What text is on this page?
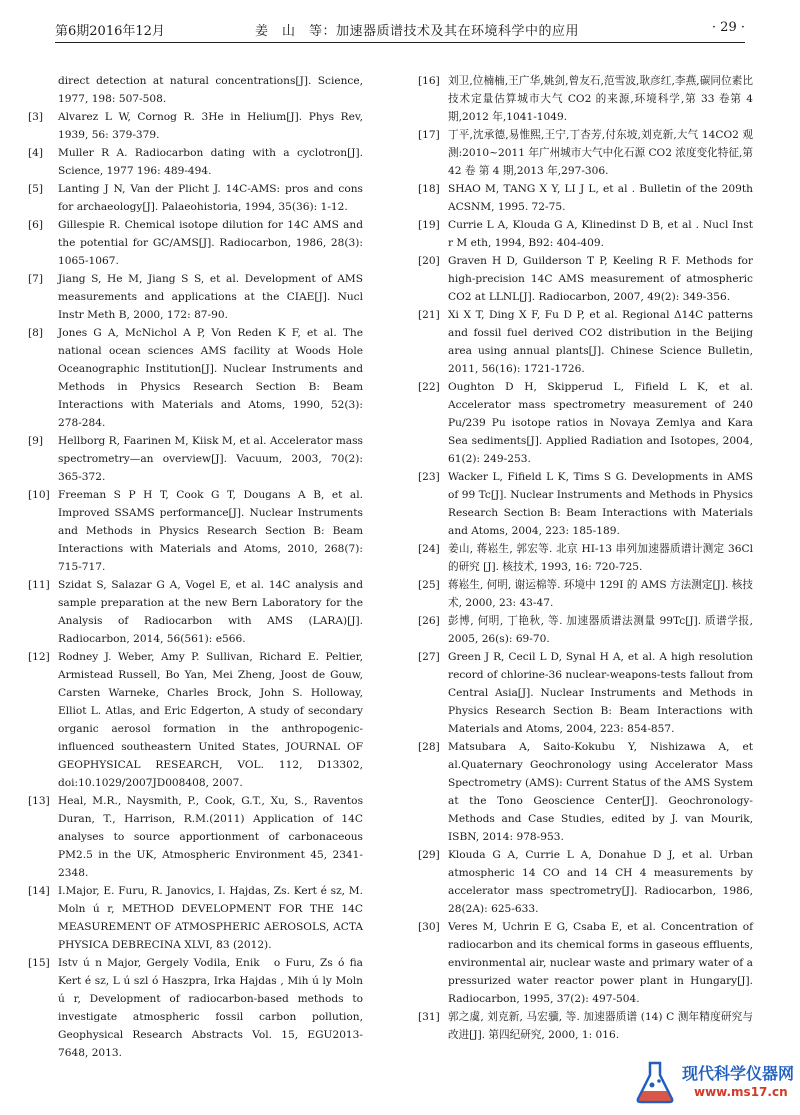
第6期2016年12月	姜　山　等：加速器质谱技术及其在环境科学中的应用	· 29 ·

direct detection at natural concentrations[J]. Science, 1977, 198: 507-508.

[3] Alvarez L W, Cornog R. 3He in Helium[J]. Phys Rev, 1939, 56: 379-379.

[4] Muller R A. Radiocarbon dating with a cyclotron[J]. Science, 1977 196: 489-494.

[5] Lanting J N, Van der Plicht J. 14C-AMS: pros and cons for archaeology[J]. Palaeohistoria, 1994, 35(36): 1-12.

[6] Gillespie R. Chemical isotope dilution for 14C AMS and the potential for GC/AMS[J]. Radiocarbon, 1986, 28(3): 1065-1067.

[7] Jiang S, He M, Jiang S S, et al. Development of AMS measurements and applications at the CIAE[J]. Nucl Instr Meth B, 2000, 172: 87-90.

[8] Jones G A, McNichol A P, Von Reden K F, et al. The national ocean sciences AMS facility at Woods Hole Oceanographic Institution[J]. Nuclear Instruments and Methods in Physics Research Section B: Beam Interactions with Materials and Atoms, 1990, 52(3): 278-284.

[9] Hellborg R, Faarinen M, Kiisk M, et al. Accelerator mass spectrometry—an overview[J]. Vacuum, 2003, 70(2): 365-372.

[10] Freeman S P H T, Cook G T, Dougans A B, et al. Improved SSAMS performance[J]. Nuclear Instruments and Methods in Physics Research Section B: Beam Interactions with Materials and Atoms, 2010, 268(7): 715-717.

[11] Szidat S, Salazar G A, Vogel E, et al. 14C analysis and sample preparation at the new Bern Laboratory for the Analysis of Radiocarbon with AMS (LARA)[J]. Radiocarbon, 2014, 56(561): e566.

[12] Rodney J. Weber, Amy P. Sullivan, Richard E. Peltier, Armistead Russell, Bo Yan, Mei Zheng, Joost de Gouw, Carsten Warneke, Charles Brock, John S. Holloway, Elliot L. Atlas, and Eric Edgerton, A study of secondary organic aerosol formation in the anthropogenic-influenced southeastern United States, JOURNAL OF GEOPHYSICAL RESEARCH, VOL. 112, D13302, doi:10.1029/2007JD008408, 2007.

[13] Heal, M.R., Naysmith, P., Cook, G.T., Xu, S., Raventos Duran, T., Harrison, R.M.(2011) Application of 14C analyses to source apportionment of carbonaceous PM2.5 in the UK, Atmospheric Environment 45, 2341-2348.

[14] I.Major, E. Furu, R. Janovics, I. Hajdas, Zs. Kert é sz, M. Moln ú r, METHOD DEVELOPMENT FOR THE 14C MEASUREMENT OF ATMOSPHERIC AEROSOLS, ACTA PHYSICA DEBRECINA XLVI, 83 (2012).

[15] Istv ú n Major, Gergely Vodila, Enik　o Furu, Zs ó fia Kert é sz, L ú szl ó Haszpra, Irka Hajdas , Mih ú ly Moln ú r, Development of radiocarbon-based methods to investigate atmospheric fossil carbon pollution, Geophysical Research Abstracts Vol. 15, EGU2013-7648, 2013.

[16] 刘卫,位楠楠,王广华,姚剑,曾友石,范雪波,耿彦红,李燕,碳同位素比技术定量估算城市大气 CO2 的来源,环境科学,第 33 卷第 4 期,2012 年,1041-1049.

[17] 丁平,沈承德,易惟熙,王宁,丁杏芳,付东坡,刘克新,大气 14CO2 观测:2010~2011 年广州城市大气中化石源 CO2 浓度变化特征,第 42 卷 第 4 期,2013 年,297-306.

[18] SHAO M, TANG X Y, LI J L, et al . Bulletin of the 209th ACSNM, 1995. 72-75.

[19] Currie L A, Klouda G A, Klinedinst D B, et al . Nucl Inst r M eth, 1994, B92: 404-409.

[20] Graven H D, Guilderson T P, Keeling R F. Methods for high-precision 14C AMS measurement of atmospheric CO2 at LLNL[J]. Radiocarbon, 2007, 49(2): 349-356.

[21] Xi X T, Ding X F, Fu D P, et al. Regional Δ14C patterns and fossil fuel derived CO2 distribution in the Beijing area using annual plants[J]. Chinese Science Bulletin, 2011, 56(16): 1721-1726.

[22] Oughton D H, Skipperud L, Fifield L K, et al. Accelerator mass spectrometry measurement of 240 Pu/239 Pu isotope ratios in Novaya Zemlya and Kara Sea sediments[J]. Applied Radiation and Isotopes, 2004, 61(2): 249-253.

[23] Wacker L, Fifield L K, Tims S G. Developments in AMS of 99 Tc[J]. Nuclear Instruments and Methods in Physics Research Section B: Beam Interactions with Materials and Atoms, 2004, 223: 185-189.

[24] 姜山, 蒋崧生, 郭宏等. 北京 HI-13 串列加速器质谱计测定 36Cl 的研究 [J]. 核技术, 1993, 16: 720-725.

[25] 蒋崧生, 何明, 谢运棉等. 环境中 129I 的 AMS 方法测定[J]. 核技术, 2000, 23: 43-47.

[26] 彭博, 何明, 丁艳秋, 等. 加速器质谱法测量 99Tc[J]. 质谱学报, 2005, 26(s): 69-70.

[27] Green J R, Cecil L D, Synal H A, et al. A high resolution record of chlorine-36 nuclear-weapons-tests fallout from Central Asia[J]. Nuclear Instruments and Methods in Physics Research Section B: Beam Interactions with Materials and Atoms, 2004, 223: 854-857.

[28] Matsubara A, Saito-Kokubu Y, Nishizawa A, et al.Quaternary Geochronology using Accelerator Mass Spectrometry (AMS): Current Status of the AMS System at the Tono Geoscience Center[J]. Geochronology-Methods and Case Studies, edited by J. van Mourik, ISBN, 2014: 978-953.

[29] Klouda G A, Currie L A, Donahue D J, et al. Urban atmospheric 14 CO and 14 CH 4 measurements by accelerator mass spectrometry[J]. Radiocarbon, 1986, 28(2A): 625-633.

[30] Veres M, Uchrin E G, Csaba E, et al. Concentration of radiocarbon and its chemical forms in gaseous effluents, environmental air, nuclear waste and primary water of a pressurized water reactor power plant in Hungary[J]. Radiocarbon, 1995, 37(2): 497-504.

[31] 郭之虞, 刘克新, 马宏骥, 等. 加速器质谱 (14) C 测年精度研究与改进[J]. 第四纪研究, 2000, 1: 016.

现代科学仪器网
www.ms17.cn
